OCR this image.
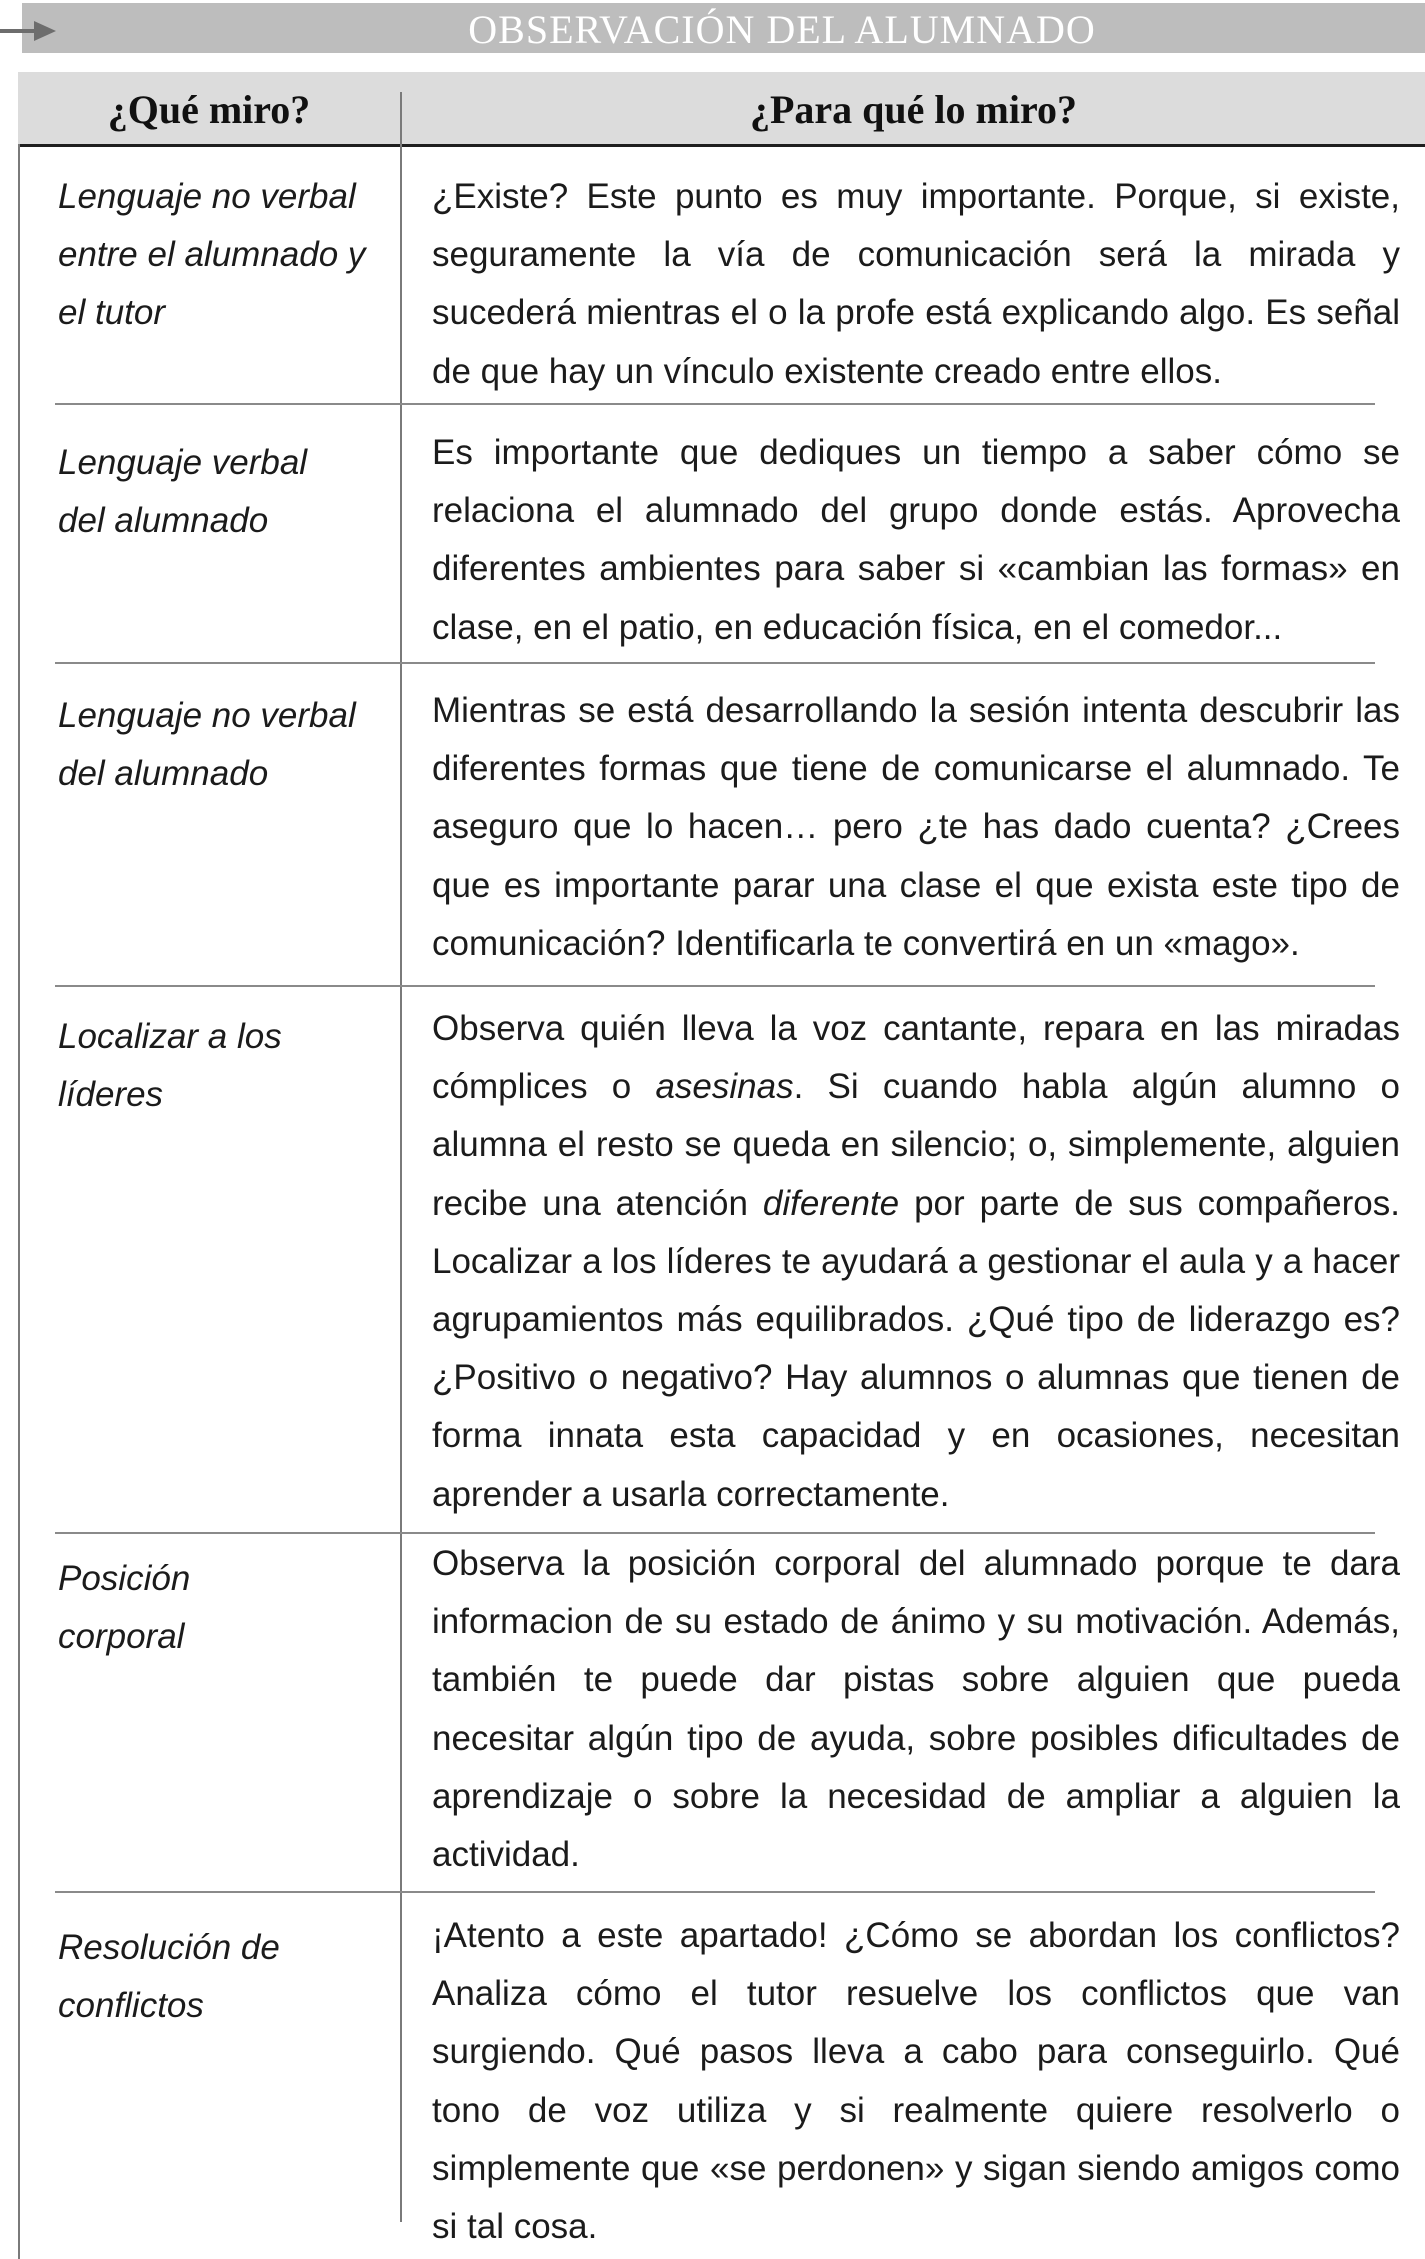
OBSERVACIÓN DEL ALUMNADO
¿Qué miro?	¿Para qué lo miro?
Lenguaje no verbal entre el alumnado y el tutor
¿Existe? Este punto es muy importante. Porque, si existe, seguramente la vía de comunicación será la mirada y sucederá mientras el o la profe está explicando algo. Es señal de que hay un vínculo existente creado entre ellos.
Lenguaje verbal del alumnado
Es importante que dediques un tiempo a saber cómo se relaciona el alumnado del grupo donde estás. Aprovecha diferentes ambientes para saber si «cambian las formas» en clase, en el patio, en educación física, en el comedor...
Lenguaje no verbal del alumnado
Mientras se está desarrollando la sesión intenta descubrir las diferentes formas que tiene de comunicarse el alumnado. Te aseguro que lo hacen… pero ¿te has dado cuenta? ¿Crees que es importante parar una clase el que exista este tipo de comunicación? Identificarla te convertirá en un «mago».
Localizar a los líderes
Observa quién lleva la voz cantante, repara en las miradas cómplices o asesinas. Si cuando habla algún alumno o alumna el resto se queda en silencio; o, simplemente, alguien recibe una atención diferente por parte de sus compañeros. Localizar a los líderes te ayudará a gestionar el aula y a hacer agrupamientos más equilibrados. ¿Qué tipo de liderazgo es? ¿Positivo o negativo? Hay alumnos o alumnas que tienen de forma innata esta capacidad y en ocasiones, necesitan aprender a usarla correctamente.
Posición corporal
Observa la posición corporal del alumnado porque te dara informacion de su estado de ánimo y su motivación. Además, también te puede dar pistas sobre alguien que pueda necesitar algún tipo de ayuda, sobre posibles dificultades de aprendizaje o sobre la necesidad de ampliar a alguien la actividad.
Resolución de conflictos
¡Atento a este apartado! ¿Cómo se abordan los conflictos? Analiza cómo el tutor resuelve los conflictos que van surgiendo. Qué pasos lleva a cabo para conseguirlo. Qué tono de voz utiliza y si realmente quiere resolverlo o simplemente que «se perdonen» y sigan siendo amigos como si tal cosa.
